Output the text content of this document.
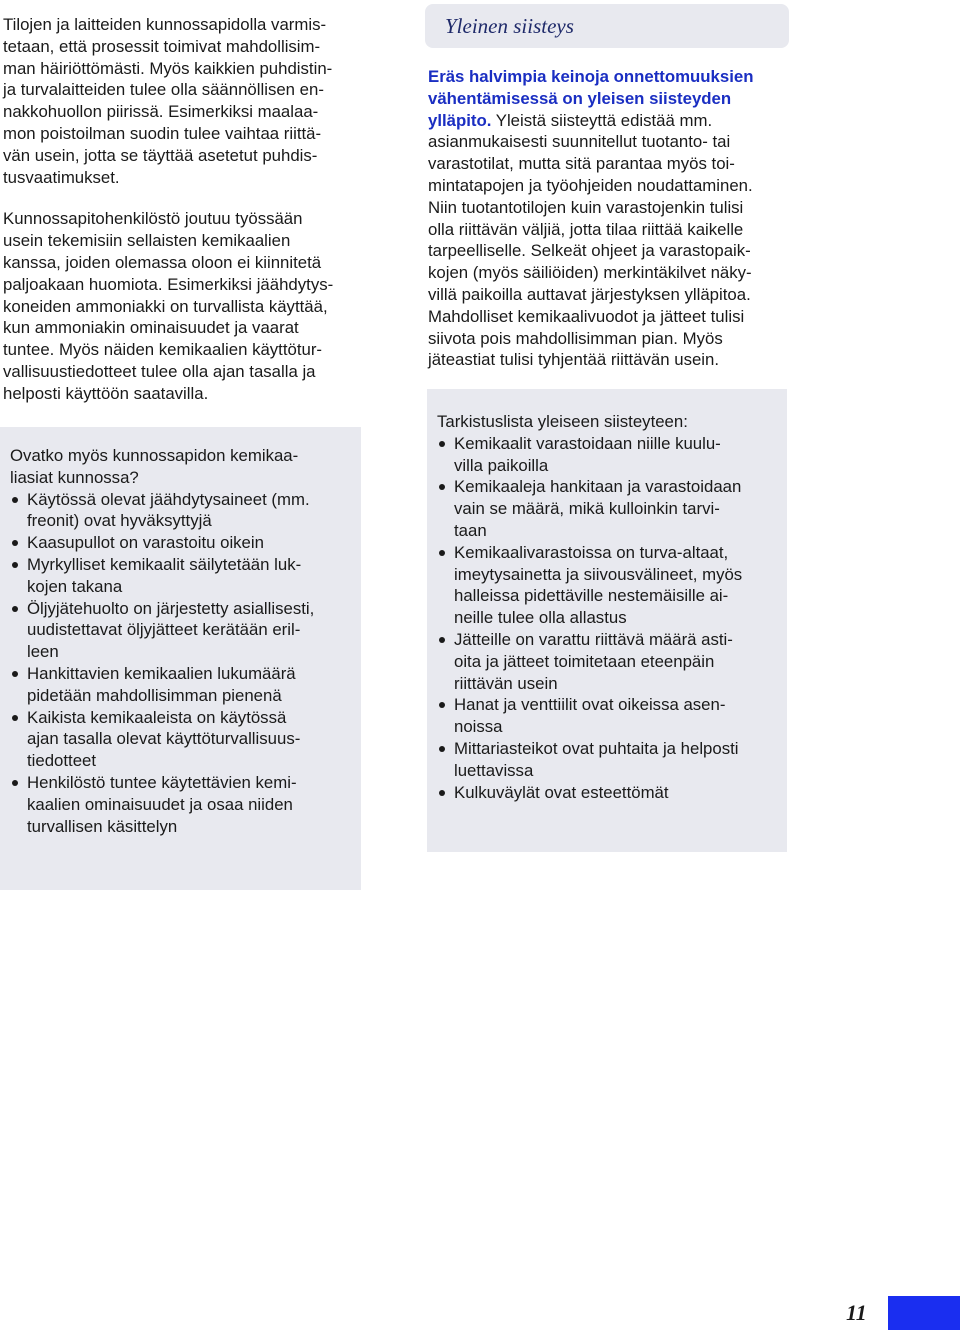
Tilojen ja laitteiden kunnossapidolla varmis-
tetaan, että prosessit toimivat mahdollisim-
man häiriöttömästi. Myös kaikkien puhdistin-
ja turvalaitteiden tulee olla säännöllisen en-
nakkohuollon piirissä. Esimerkiksi maalaa-
mon poistoilman suodin tulee vaihtaa riittä-
vän usein, jotta se täyttää asetetut puhdis-
tusvaatimukset.

Kunnossapitohenkilöstö joutuu työssään
usein tekemisiin sellaisten kemikaalien
kanssa, joiden olemassa oloon ei kiinnitetä
paljoakaan huomiota. Esimerkiksi jäähdytys-
koneiden ammoniakki on turvallista käyttää,
kun ammoniakin ominaisuudet ja vaarat
tuntee. Myös näiden kemikaalien käyttötur-
vallisuustiedotteet tulee olla ajan tasalla ja
helposti käyttöön saatavilla.

Ovatko myös kunnossapidon kemikaa-
liasiat kunnossa?

Käytössä olevat jäähdytysaineet (mm.
freonit) ovat hyväksyttyjä
Kaasupullot on varastoitu oikein
Myrkylliset kemikaalit säilytetään luk-
kojen takana
Öljyjätehuolto on järjestetty asiallisesti,
uudistettavat öljyjätteet kerätään eril-
leen
Hankittavien kemikaalien lukumäärä
pidetään mahdollisimman pienenä
Kaikista kemikaaleista on käytössä
ajan tasalla olevat käyttöturvallisuus-
tiedotteet
Henkilöstö tuntee käytettävien kemi-
kaalien ominaisuudet ja osaa niiden
turvallisen käsittelyn
Yleinen siisteys
Eräs halvimpia keinoja onnettomuuksien
vähentämisessä on yleisen siisteyden
ylläpito. Yleistä siisteyttä edistää mm.
asianmukaisesti suunnitellut tuotanto- tai
varastotilat, mutta sitä parantaa myös toi-
mintatapojen ja työohjeiden noudattaminen.
Niin tuotantotilojen kuin varastojenkin tulisi
olla riittävän väljiä, jotta tilaa riittää kaikelle
tarpeelliselle. Selkeät ohjeet ja varastopaik-
kojen (myös säiliöiden) merkintäkilvet näky-
villä paikoilla auttavat järjestyksen ylläpitoa.
Mahdolliset kemikaalivuodot ja jätteet tulisi
siivota pois mahdollisimman pian. Myös
jäteastiat tulisi tyhjentää riittävän usein.

Tarkistuslista yleiseen siisteyteen:

Kemikaalit varastoidaan niille kuulu-
villa paikoilla
Kemikaaleja hankitaan ja varastoidaan
vain se määrä, mikä kulloinkin tarvi-
taan
Kemikaalivarastoissa on turva-altaat,
imeytysainetta ja siivousvälineet, myös
halleissa pidettäville nestemäisille ai-
neille tulee olla allastus
Jätteille on varattu riittävä määrä asti-
oita ja jätteet toimitetaan eteenpäin
riittävän usein
Hanat ja venttiilit ovat oikeissa asen-
noissa
Mittariasteikot ovat puhtaita ja helposti
luettavissa
Kulkuväylät ovat esteettömät
11
